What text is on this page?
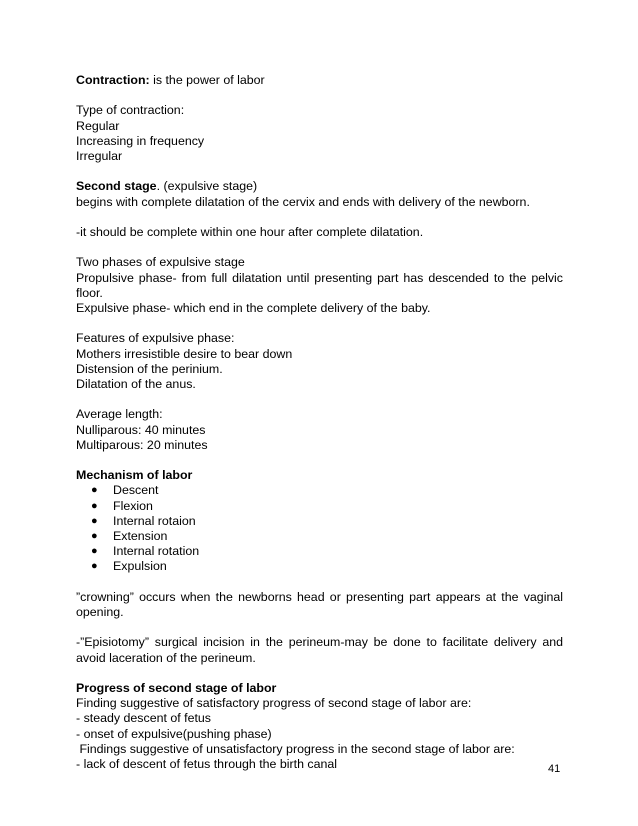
Contraction: is the power of labor

Type of contraction:

Regular

Increasing in frequency

Irregular

Second stage. (expulsive stage)

begins with complete dilatation of the cervix and ends with delivery of the newborn.

-it should be complete within one hour after complete dilatation.

Two phases of expulsive stage

Propulsive phase- from full dilatation until presenting part has descended to the pelvic floor.

Expulsive phase- which end in the complete delivery of the baby.

Features of expulsive phase:

Mothers irresistible desire to bear down

Distension of the perinium.

Dilatation of the anus.

Average length:

Nulliparous: 40 minutes

Multiparous: 20 minutes

Mechanism of labor

● Descent
● Flexion
● Internal rotaion
● Extension
● Internal rotation
● Expulsion

”crowning” occurs when the newborns head or presenting part appears at the vaginal opening.

-”Episiotomy” surgical incision in the perineum-may be done to facilitate delivery and avoid laceration of the perineum.

Progress of second stage of labor

Finding suggestive of satisfactory progress of second stage of labor are:

- steady descent of fetus

- onset of expulsive(pushing phase)

Findings suggestive of unsatisfactory progress in the second stage of labor are:

- lack of descent of fetus through the birth canal	41
